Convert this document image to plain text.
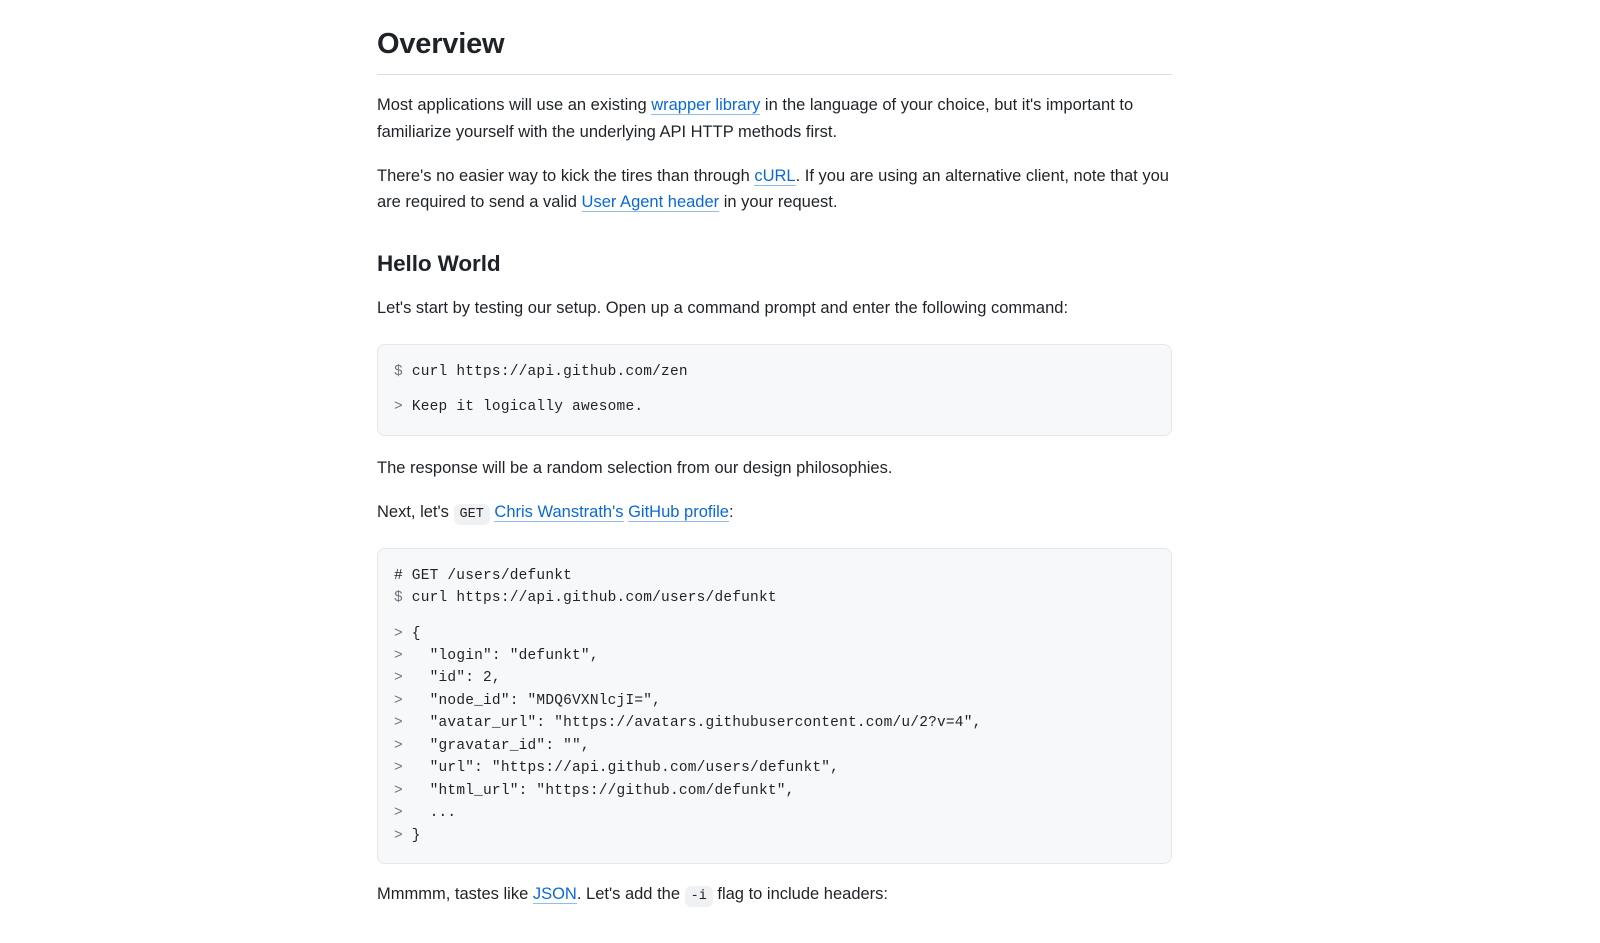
Overview

Most applications will use an existing wrapper library in the language of your choice, but it's important to familiarize yourself with the underlying API HTTP methods first.

There's no easier way to kick the tires than through cURL. If you are using an alternative client, note that you are required to send a valid User Agent header in your request.

Hello World

Let's start by testing our setup. Open up a command prompt and enter the following command:

$ curl https://api.github.com/zen
> Keep it logically awesome.

The response will be a random selection from our design philosophies.

Next, let's GET Chris Wanstrath's GitHub profile:

# GET /users/defunkt
$ curl https://api.github.com/users/defunkt
> {
>   "login": "defunkt",
>   "id": 2,
>   "node_id": "MDQ6VXNlcjI=",
>   "avatar_url": "https://avatars.githubusercontent.com/u/2?v=4",
>   "gravatar_id": "",
>   "url": "https://api.github.com/users/defunkt",
>   "html_url": "https://github.com/defunkt",
>   ...
> }

Mmmmm, tastes like JSON. Let's add the -i flag to include headers:
